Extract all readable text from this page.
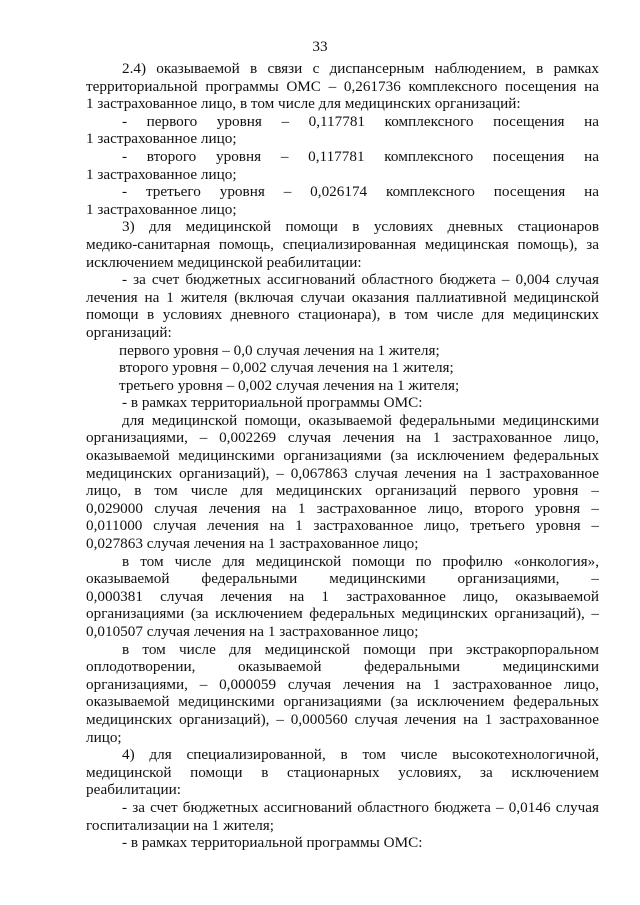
33
2.4) оказываемой в связи с диспансерным наблюдением, в рамках
территориальной программы ОМС – 0,261736 комплексного посещения на
1 застрахованное лицо, в том числе для медицинских организаций:
- первого уровня – 0,117781 комплексного посещения на
1 застрахованное лицо;
- второго уровня – 0,117781 комплексного посещения на
1 застрахованное лицо;
- третьего уровня – 0,026174 комплексного посещения на
1 застрахованное лицо;
3) для медицинской помощи в условиях дневных стационаров
медико-санитарная помощь, специализированная медицинская помощь), за
исключением медицинской реабилитации:
- за счет бюджетных ассигнований областного бюджета – 0,004 случая
лечения на 1 жителя (включая случаи оказания паллиативной медицинской
помощи в условиях дневного стационара), в том числе для медицинских
организаций:
первого уровня – 0,0 случая лечения на 1 жителя;
второго уровня – 0,002 случая лечения на 1 жителя;
третьего уровня – 0,002 случая лечения на 1 жителя;
- в рамках территориальной программы ОМС:
для медицинской помощи, оказываемой федеральными медицинскими
организациями, – 0,002269 случая лечения на 1 застрахованное лицо,
оказываемой медицинскими организациями (за исключением федеральных
медицинских организаций), – 0,067863 случая лечения на 1 застрахованное
лицо, в том числе для медицинских организаций первого уровня –
0,029000 случая лечения на 1 застрахованное лицо, второго уровня –
0,011000 случая лечения на 1 застрахованное лицо, третьего уровня –
0,027863 случая лечения на 1 застрахованное лицо;
в том числе для медицинской помощи по профилю «онкология»,
оказываемой федеральными медицинскими организациями, –
0,000381 случая лечения на 1 застрахованное лицо, оказываемой
организациями (за исключением федеральных медицинских организаций), –
0,010507 случая лечения на 1 застрахованное лицо;
в том числе для медицинской помощи при экстракорпоральном
оплодотворении, оказываемой федеральными медицинскими
организациями, – 0,000059 случая лечения на 1 застрахованное лицо,
оказываемой медицинскими организациями (за исключением федеральных
медицинских организаций), – 0,000560 случая лечения на 1 застрахованное
лицо;
4) для специализированной, в том числе высокотехнологичной,
медицинской помощи в стационарных условиях, за исключением
реабилитации:
- за счет бюджетных ассигнований областного бюджета – 0,0146 случая
госпитализации на 1 жителя;
- в рамках территориальной программы ОМС:
